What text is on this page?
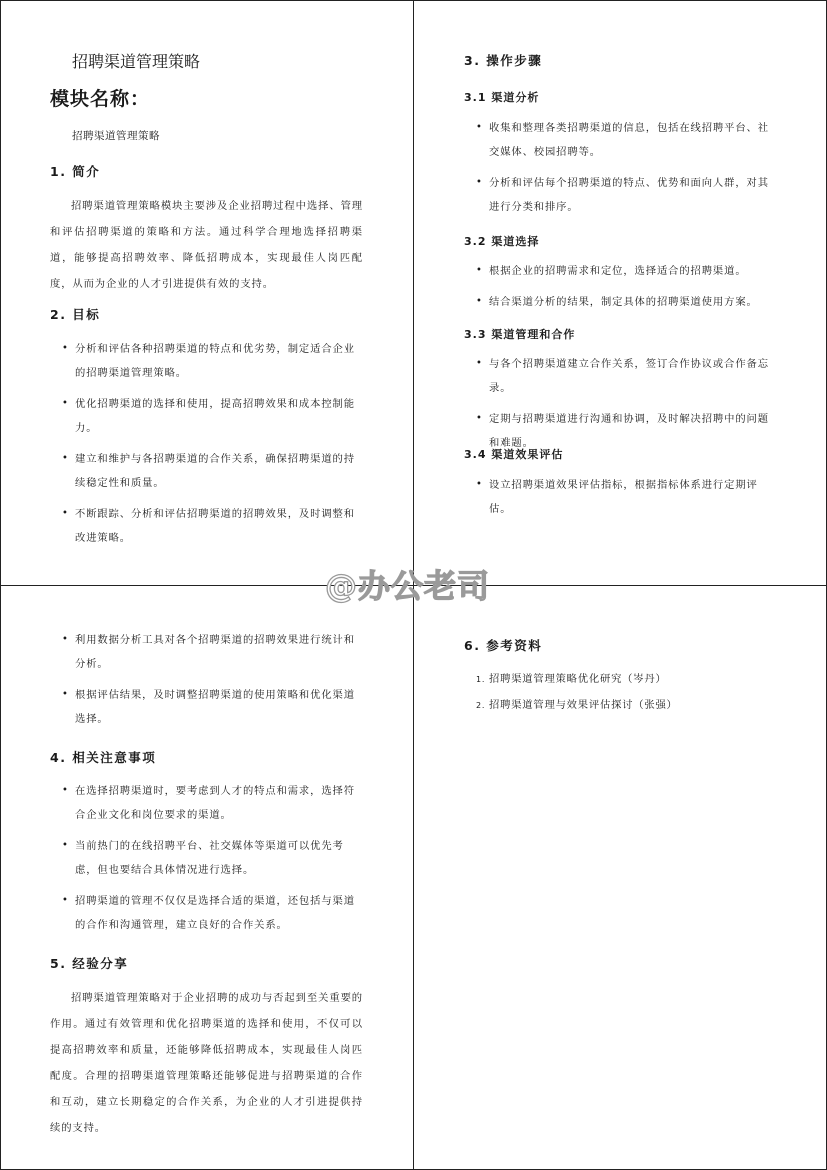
招聘渠道管理策略
模块名称：
招聘渠道管理策略
1. 简介
招聘渠道管理策略模块主要涉及企业招聘过程中选择、管理和评估招聘渠道的策略和方法。通过科学合理地选择招聘渠道，能够提高招聘效率、降低招聘成本，实现最佳人岗匹配度，从而为企业的人才引进提供有效的支持。
2. 目标
• 分析和评估各种招聘渠道的特点和优劣势，制定适合企业的招聘渠道管理策略。
• 优化招聘渠道的选择和使用，提高招聘效果和成本控制能力。
• 建立和维护与各招聘渠道的合作关系，确保招聘渠道的持续稳定性和质量。
• 不断跟踪、分析和评估招聘渠道的招聘效果，及时调整和改进策略。
3. 操作步骤
3.1 渠道分析
• 收集和整理各类招聘渠道的信息，包括在线招聘平台、社交媒体、校园招聘等。
• 分析和评估每个招聘渠道的特点、优势和面向人群，对其进行分类和排序。
3.2 渠道选择
• 根据企业的招聘需求和定位，选择适合的招聘渠道。
• 结合渠道分析的结果，制定具体的招聘渠道使用方案。
3.3 渠道管理和合作
• 与各个招聘渠道建立合作关系，签订合作协议或合作备忘录。
• 定期与招聘渠道进行沟通和协调，及时解决招聘中的问题和难题。
3.4 渠道效果评估
• 设立招聘渠道效果评估指标，根据指标体系进行定期评估。
• 利用数据分析工具对各个招聘渠道的招聘效果进行统计和分析。
• 根据评估结果，及时调整招聘渠道的使用策略和优化渠道选择。
4. 相关注意事项
• 在选择招聘渠道时，要考虑到人才的特点和需求，选择符合企业文化和岗位要求的渠道。
• 当前热门的在线招聘平台、社交媒体等渠道可以优先考虑，但也要结合具体情况进行选择。
• 招聘渠道的管理不仅仅是选择合适的渠道，还包括与渠道的合作和沟通管理，建立良好的合作关系。
5. 经验分享
招聘渠道管理策略对于企业招聘的成功与否起到至关重要的作用。通过有效管理和优化招聘渠道的选择和使用，不仅可以提高招聘效率和质量，还能够降低招聘成本，实现最佳人岗匹配度。合理的招聘渠道管理策略还能够促进与招聘渠道的合作和互动，建立长期稳定的合作关系，为企业的人才引进提供持续的支持。
6. 参考资料
1. 招聘渠道管理策略优化研究（岑丹）
2. 招聘渠道管理与效果评估探讨（张强）
@办公老司
